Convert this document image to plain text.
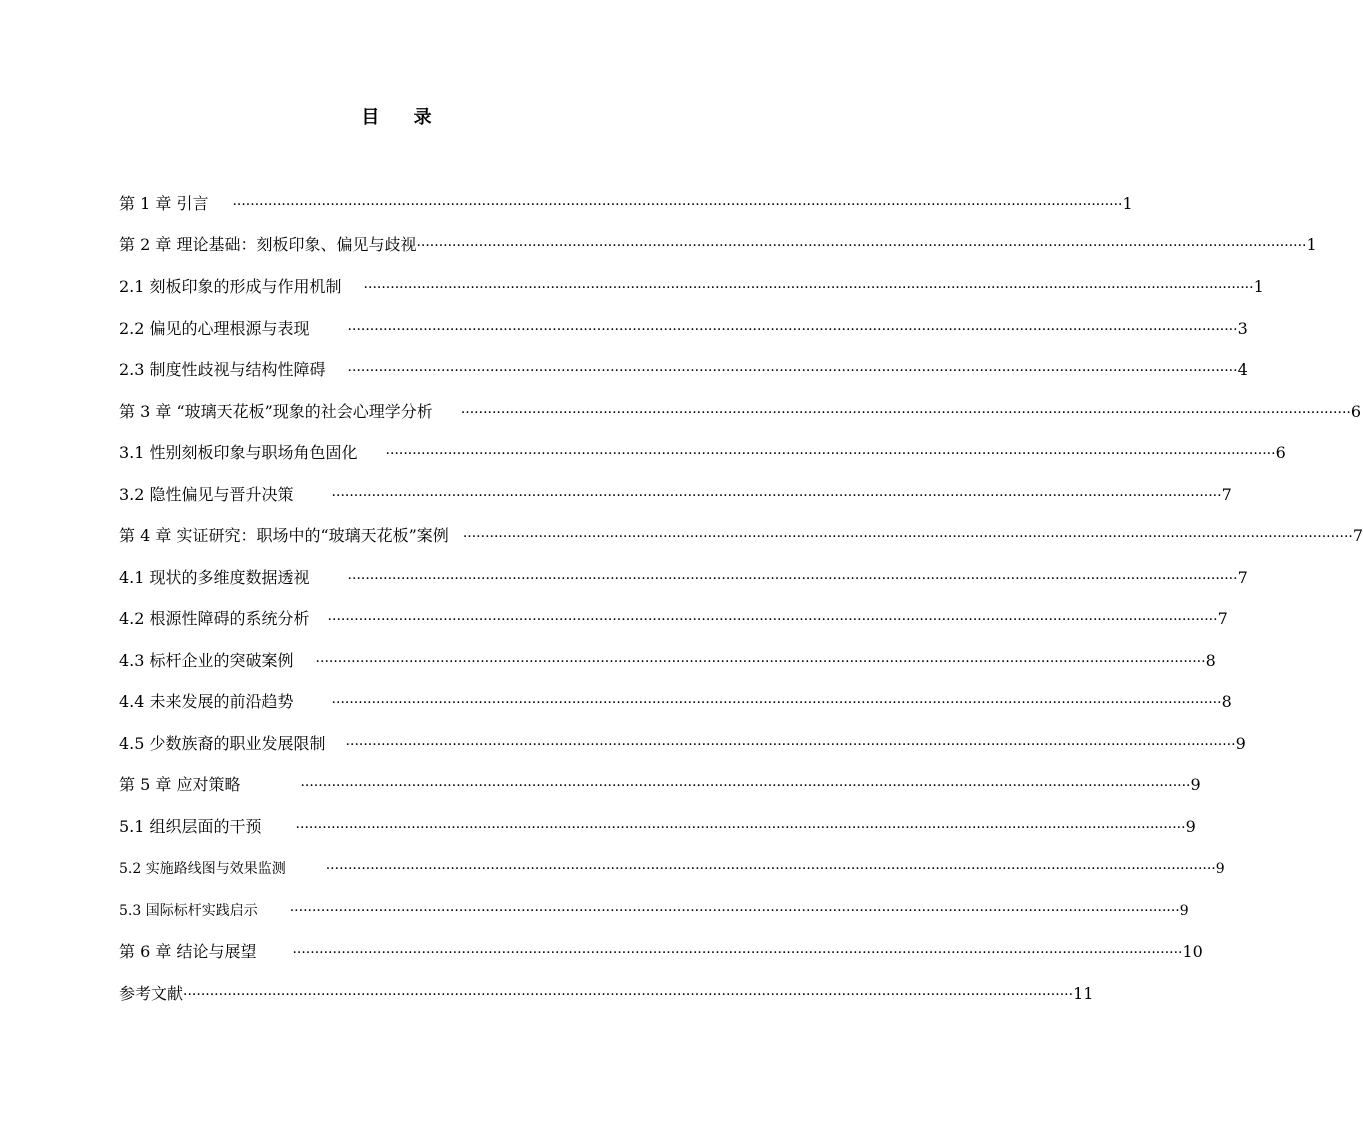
目 录
第 1 章 引言 ········································································································································································································ 1
第 2 章 理论基础：刻板印象、偏见与歧视 ········································································································································································································ 1
2.1 刻板印象的形成与作用机制 ········································································································································································································ 1
2.2 偏见的心理根源与表现	········································································································································································································ 3
2.3 制度性歧视与结构性障碍 ········································································································································································································ 4
第 3 章 “玻璃天花板”现象的社会心理学分析 ········································································································································································································ 6
3.1 性别刻板印象与职场角色固化 ········································································································································································································ 6
3.2 隐性偏见与晋升决策	········································································································································································································ 7
第 4 章 实证研究：职场中的“玻璃天花板”案例 ········································································································································································································ 7
4.1 现状的多维度数据透视	········································································································································································································ 7
4.2 根源性障碍的系统分析 ········································································································································································································ 7
4.3 标杆企业的突破案例 ········································································································································································································ 8
4.4 未来发展的前沿趋势	········································································································································································································ 8
4.5 少数族裔的职业发展限制 ········································································································································································································ 9
第 5 章 应对策略	········································································································································································································ 9
5.1 组织层面的干预 ········································································································································································································ 9
5.2 实施路线图与效果监测	········································································································································································································ 9
5.3 国际标杆实践启示 ········································································································································································································ 9
第 6 章 结论与展望	········································································································································································································ 10
参考文献 ········································································································································································································ 11
